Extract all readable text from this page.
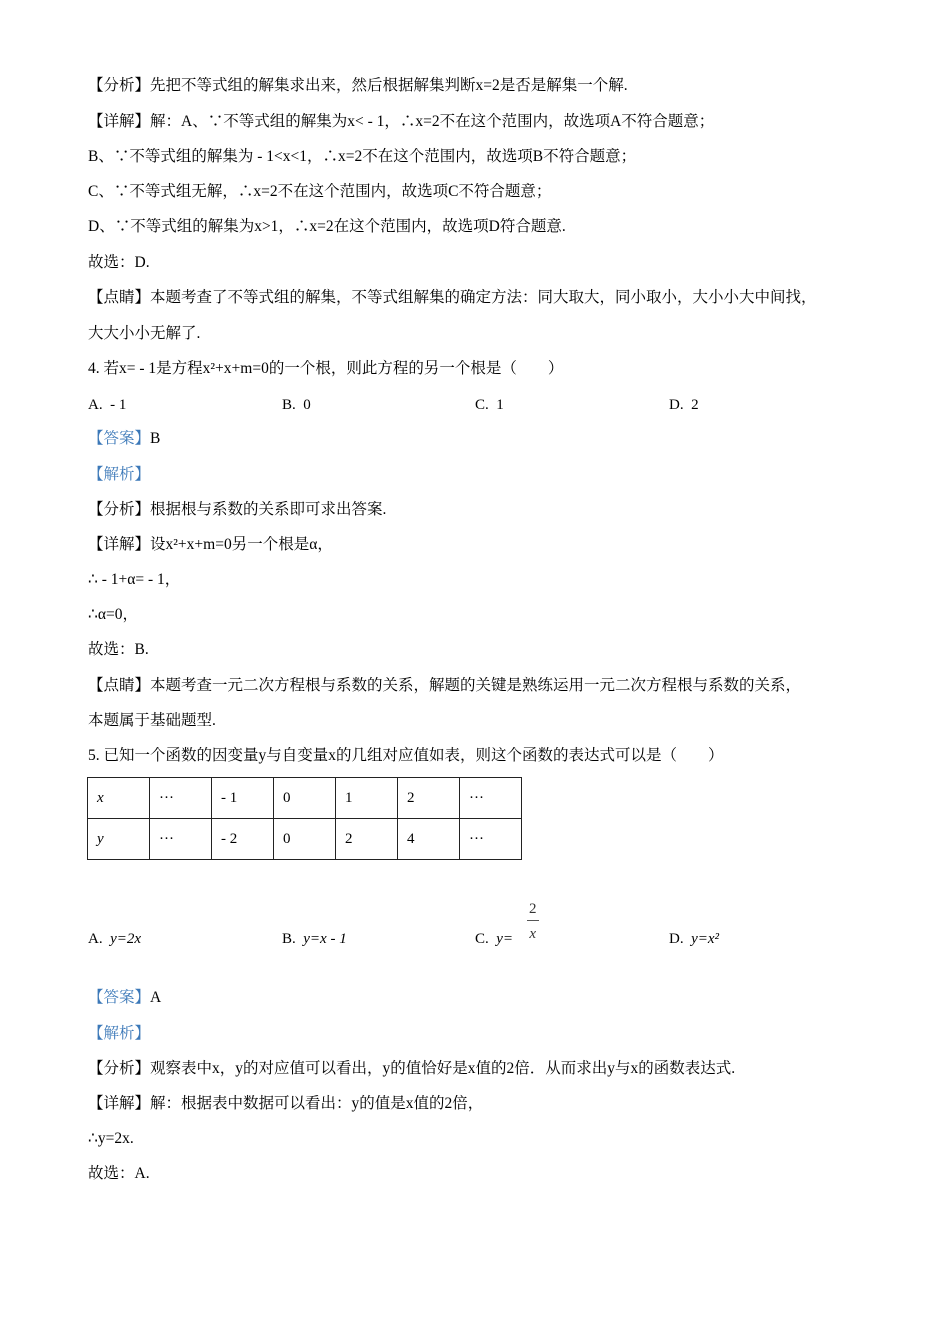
【分析】先把不等式组的解集求出来，然后根据解集判断x=2是否是解集一个解.
【详解】解：A、∵不等式组的解集为x< - 1，∴x=2不在这个范围内，故选项A不符合题意；
B、∵不等式组的解集为 - 1<x<1，∴x=2不在这个范围内，故选项B不符合题意；
C、∵不等式组无解，∴x=2不在这个范围内，故选项C不符合题意；
D、∵不等式组的解集为x>1，∴x=2在这个范围内，故选项D符合题意.
故选：D.
【点睛】本题考查了不等式组的解集，不等式组解集的确定方法：同大取大，同小取小，大小小大中间找，
大大小小无解了.
4. 若x= - 1是方程x²+x+m=0的一个根，则此方程的另一个根是（　　）
A. - 1	B. 0	C. 1	D. 2
【答案】B
【解析】
【分析】根据根与系数的关系即可求出答案.
【详解】设x²+x+m=0另一个根是α，
∴ - 1+α= - 1，
∴α=0，
故选：B.
【点睛】本题考查一元二次方程根与系数的关系，解题的关键是熟练运用一元二次方程根与系数的关系，
本题属于基础题型.
5. 已知一个函数的因变量y与自变量x的几组对应值如表，则这个函数的表达式可以是（　　）
x	···	- 1	0	1	2	···
y	···	- 2	0	2	4	···
A. y=2x	B. y=x - 1	C. $y= \frac{2}{x}$	D. y=x²
【答案】A
【解析】
【分析】观察表中x，y的对应值可以看出，y的值恰好是x值的2倍．从而求出y与x的函数表达式.
【详解】解：根据表中数据可以看出：y的值是x值的2倍，
∴y=2x.
故选：A.
